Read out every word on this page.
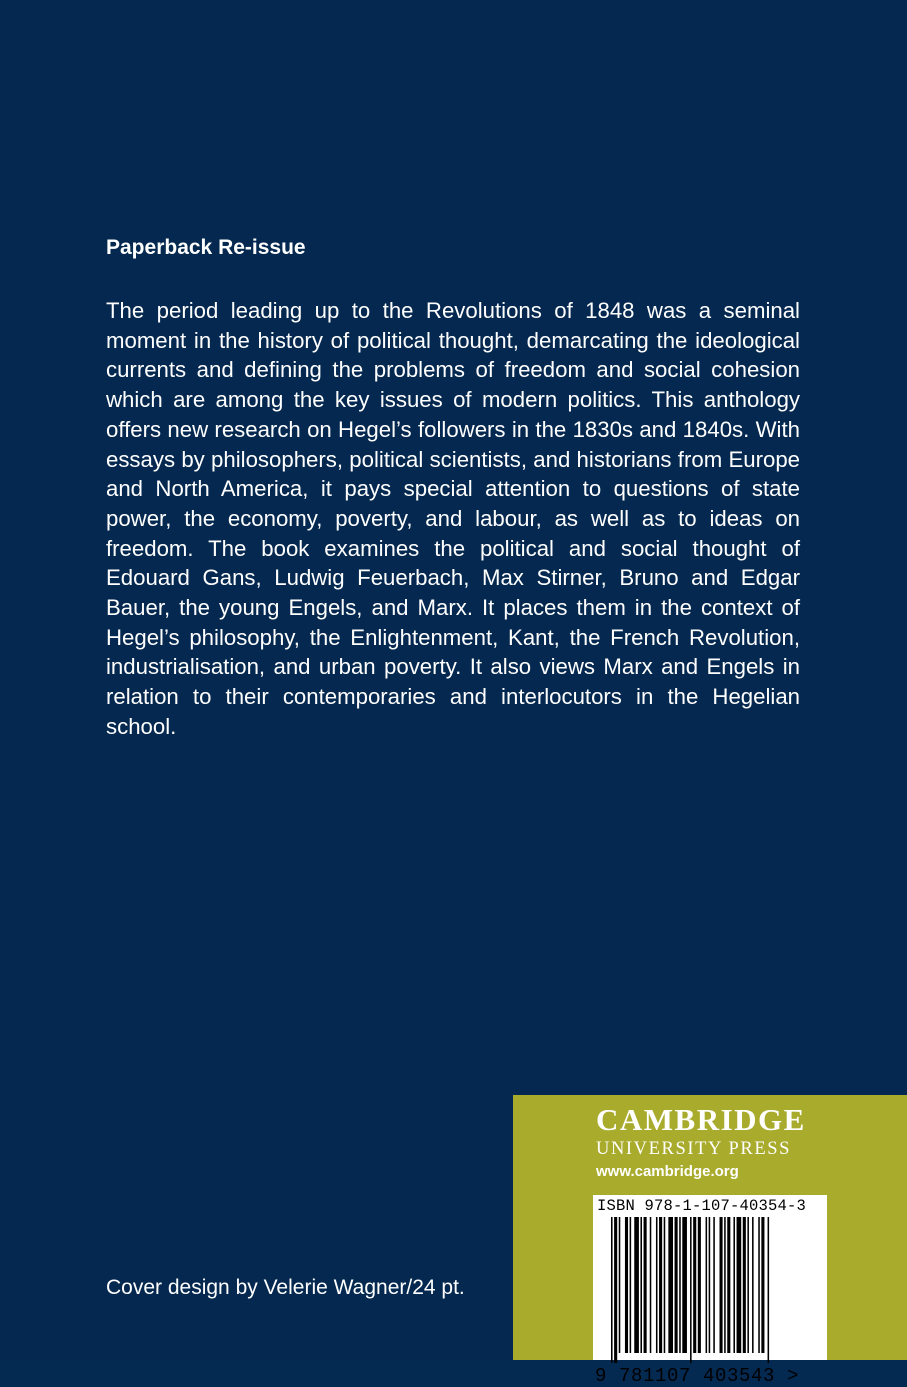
Paperback Re-issue

The period leading up to the Revolutions of 1848 was a seminal moment in the history of political thought, demarcating the ideological currents and defining the problems of freedom and social cohesion which are among the key issues of modern politics. This anthology offers new research on Hegel’s followers in the 1830s and 1840s. With essays by philosophers, political scientists, and historians from Europe and North America, it pays special attention to questions of state power, the economy, poverty, and labour, as well as to ideas on freedom. The book examines the political and social thought of Edouard Gans, Ludwig Feuerbach, Max Stirner, Bruno and Edgar Bauer, the young Engels, and Marx. It places them in the context of Hegel’s philosophy, the Enlightenment, Kant, the French Revolution, industrialisation, and urban poverty. It also views Marx and Engels in relation to their contemporaries and interlocutors in the Hegelian school.

Cover design by Velerie Wagner/24 pt.
CAMBRIDGE
UNIVERSITY PRESS
www.cambridge.org
ISBN 978-1-107-40354-3
9 781107 403543 >
